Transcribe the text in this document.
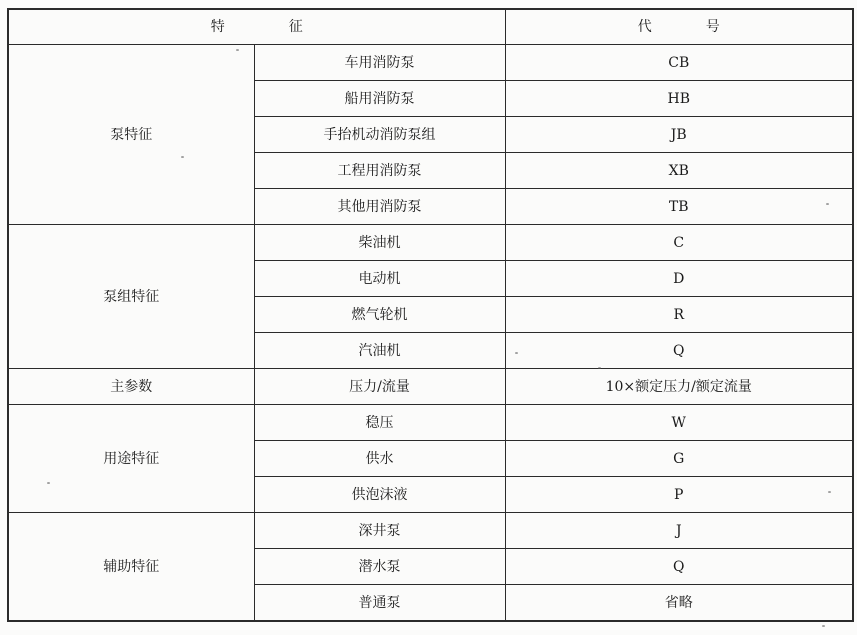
特 征		代 号
泵特征	车用消防泵	CB
	船用消防泵	HB
	手抬机动消防泵组	JB
	工程用消防泵	XB
	其他用消防泵	TB
泵组特征	柴油机	C
	电动机	D
	燃气轮机	R
	汽油机	Q
主参数	压力/流量	10×额定压力/额定流量
用途特征	稳压	W
	供水	G
	供泡沫液	P
辅助特征	深井泵	J
	潜水泵	Q
	普通泵	省略
